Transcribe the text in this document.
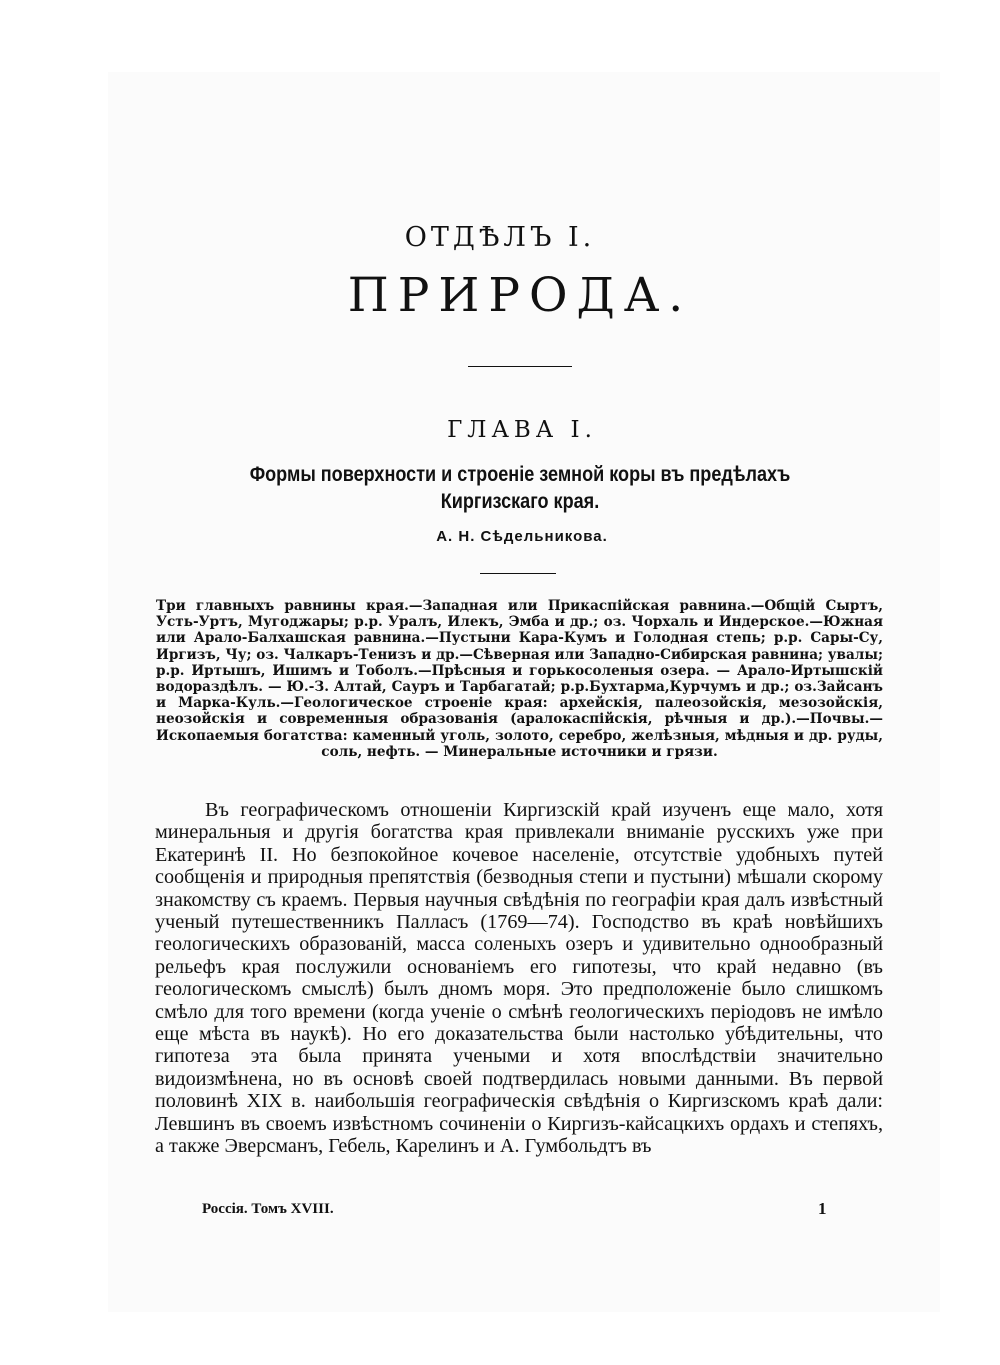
ОТДѢЛЪ I.

ПРИРОДА.
ГЛАВА I.

Формы поверхности и строенiе земной коры въ предѣлахъ Киргизскаго края.

А. Н. Сѣдельникова.

Три главныхъ равнины края.—Западная или Прикаспiйская равнина.—Общiй Сыртъ, Усть-Уртъ, Мугоджары; р.р. Уралъ, Илекъ, Эмба и др.; оз. Чорхаль и Индерское.—Южная или Арало-Балхашская равнина.—Пустыни Кара-Кумъ и Голодная степь; р.р. Сары-Су, Иргизъ, Чу; оз. Чалкаръ-Тенизъ и др.—Сѣверная или Западно-Сибирская равнина; увалы; р.р. Иртышъ, Ишимъ и Тоболъ.—Прѣсныя и горькосоленыя озера. — Арало-Иртышскiй водораздѣлъ. — Ю.-З. Алтай, Сауръ и Тарбагатай; р.р.Бухтарма,Курчумъ и др.; оз.Зайсанъ и Марка-Куль.—Геологическое строенiе края: архейскiя, палеозойскiя, мезозойскiя, неозойскiя и современныя образованiя (аралокаспiйскiя, рѣчныя и др.).—Почвы.—Ископаемыя богатства: каменный уголь, золото, серебро, желѣзныя, мѣдныя и др. руды, соль, нефть. — Минеральные источники и грязи.

Въ географическомъ отношенiи Киргизскiй край изученъ еще мало, хотя минеральныя и другiя богатства края привлекали вниманiе русскихъ уже при Екатеринѣ II. Но безпокойное кочевое населенiе, отсутствiе удобныхъ путей сообщенiя и природныя препятствiя (безводныя степи и пустыни) мѣшали скорому знакомству съ краемъ. Первыя научныя свѣдѣнiя по географiи края далъ извѣстный ученый путешественникъ Палласъ (1769—74). Господство въ краѣ новѣйшихъ геологическихъ образованiй, масса соленыхъ озеръ и удивительно однообразный рельефъ края послужили основанiемъ его гипотезы, что край недавно (въ геологическомъ смыслѣ) былъ дномъ моря. Это предположенiе было слишкомъ смѣло для того времени (когда ученiе о смѣнѣ геологическихъ перiодовъ не имѣло еще мѣста въ наукѣ). Но его доказательства были настолько убѣдительны, что гипотеза эта была принята учеными и хотя впослѣдствiи значительно видоизмѣнена, но въ основѣ своей подтвердилась новыми данными. Въ первой половинѣ XIX в. наибольшiя географическiя свѣдѣнiя о Киргизскомъ краѣ дали: Левшинъ въ своемъ извѣстномъ сочиненiи о Киргизъ-кайсацкихъ ордахъ и степяхъ, а также Эверсманъ, Гебель, Карелинъ и А. Гумбольдтъ въ

Россiя. Томъ XVIII.	1
